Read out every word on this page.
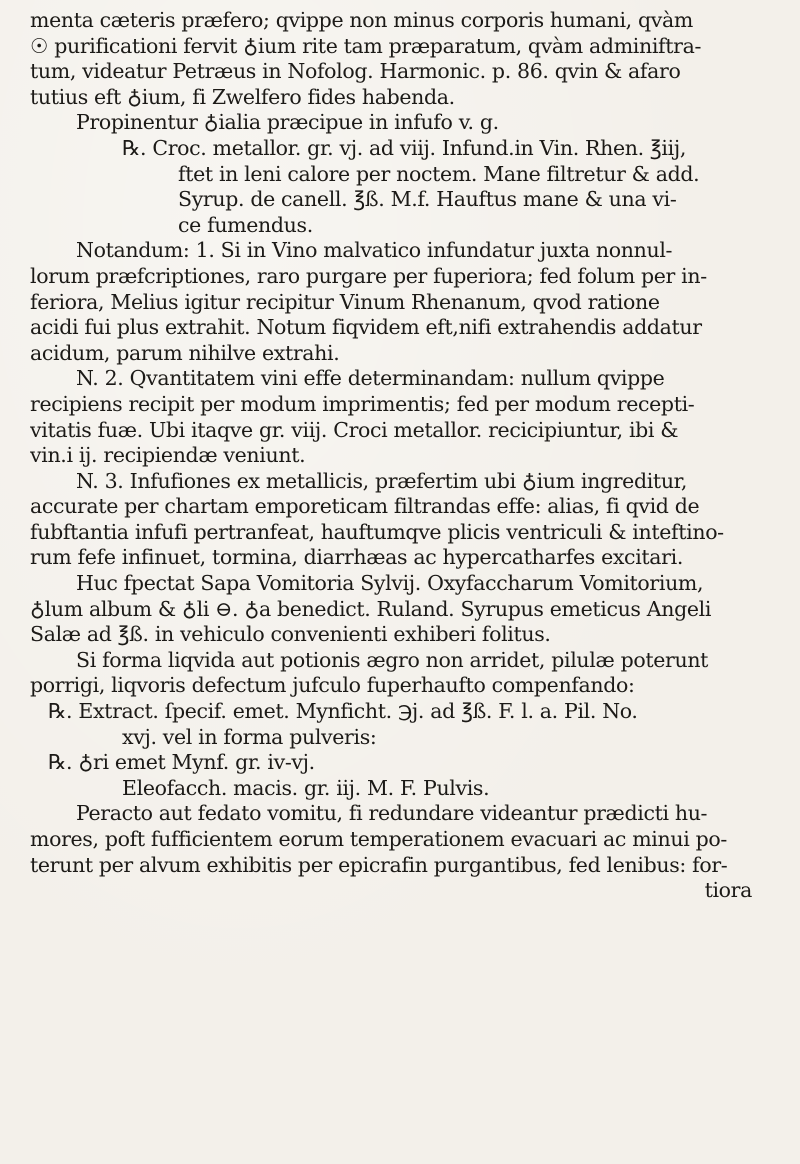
menta cæteris præfero; qvippe non minus corporis humani, qvàm
☉ purificationi fervit ♁ium rite tam præparatum, qvàm adminiftra-
tum, videatur Petræus in Nofolog. Harmonic. p. 86. qvin & afaro
tutius eft ♁ium, fi Zwelfero fides habenda.
Propinentur ♁ialia præcipue in infufo v. g.
℞. Croc. metallor. gr. vj. ad viij. Infund.in Vin. Rhen. ℥iij,
ftet in leni calore per noctem. Mane filtretur & add.
Syrup. de canell. ℥ß. M.f. Hauftus mane & una vi-
ce fumendus.
Notandum: 1. Si in Vino malvatico infundatur juxta nonnul-
lorum præfcriptiones, raro purgare per fuperiora; fed folum per in-
feriora, Melius igitur recipitur Vinum Rhenanum, qvod ratione
acidi fui plus extrahit. Notum fiqvidem eft,nifi extrahendis addatur
acidum, parum nihilve extrahi.
N. 2. Qvantitatem vini effe determinandam: nullum qvippe
recipiens recipit per modum imprimentis; fed per modum recepti-
vitatis fuæ. Ubi itaqve gr. viij. Croci metallor. recicipiuntur, ibi &
vin.i ij. recipiendæ veniunt.
N. 3. Infufiones ex metallicis, præfertim ubi ♁ium ingreditur,
accurate per chartam emporeticam filtrandas effe: alias, fi qvid de
fubftantia infufi pertranfeat, hauftumqve plicis ventriculi & inteftino-
rum fefe infinuet, tormina, diarrhæas ac hypercatharfes excitari.
Huc fpectat Sapa Vomitoria Sylvij. Oxyfaccharum Vomitorium,
♁lum album & ♁li ⊖. ♁a benedict. Ruland. Syrupus emeticus Angeli
Salæ ad ℥ß. in vehiculo convenienti exhiberi folitus.
Si forma liqvida aut potionis ægro non arridet, pilulæ poterunt
porrigi, liqvoris defectum jufculo fuperhaufto compenfando:
℞. Extract. ſpecif. emet. Mynficht. ℈j. ad ℥ß. F. l. a. Pil. No.
xvj. vel in forma pulveris:
℞. ♁ri emet Mynf. gr. iv-vj.
Eleofacch. macis. gr. iij. M. F. Pulvis.
Peracto aut fedato vomitu, fi redundare videantur prædicti hu-
mores, poft fufficientem eorum temperationem evacuari ac minui po-
terunt per alvum exhibitis per epicrafin purgantibus, fed lenibus: for-
tiora
